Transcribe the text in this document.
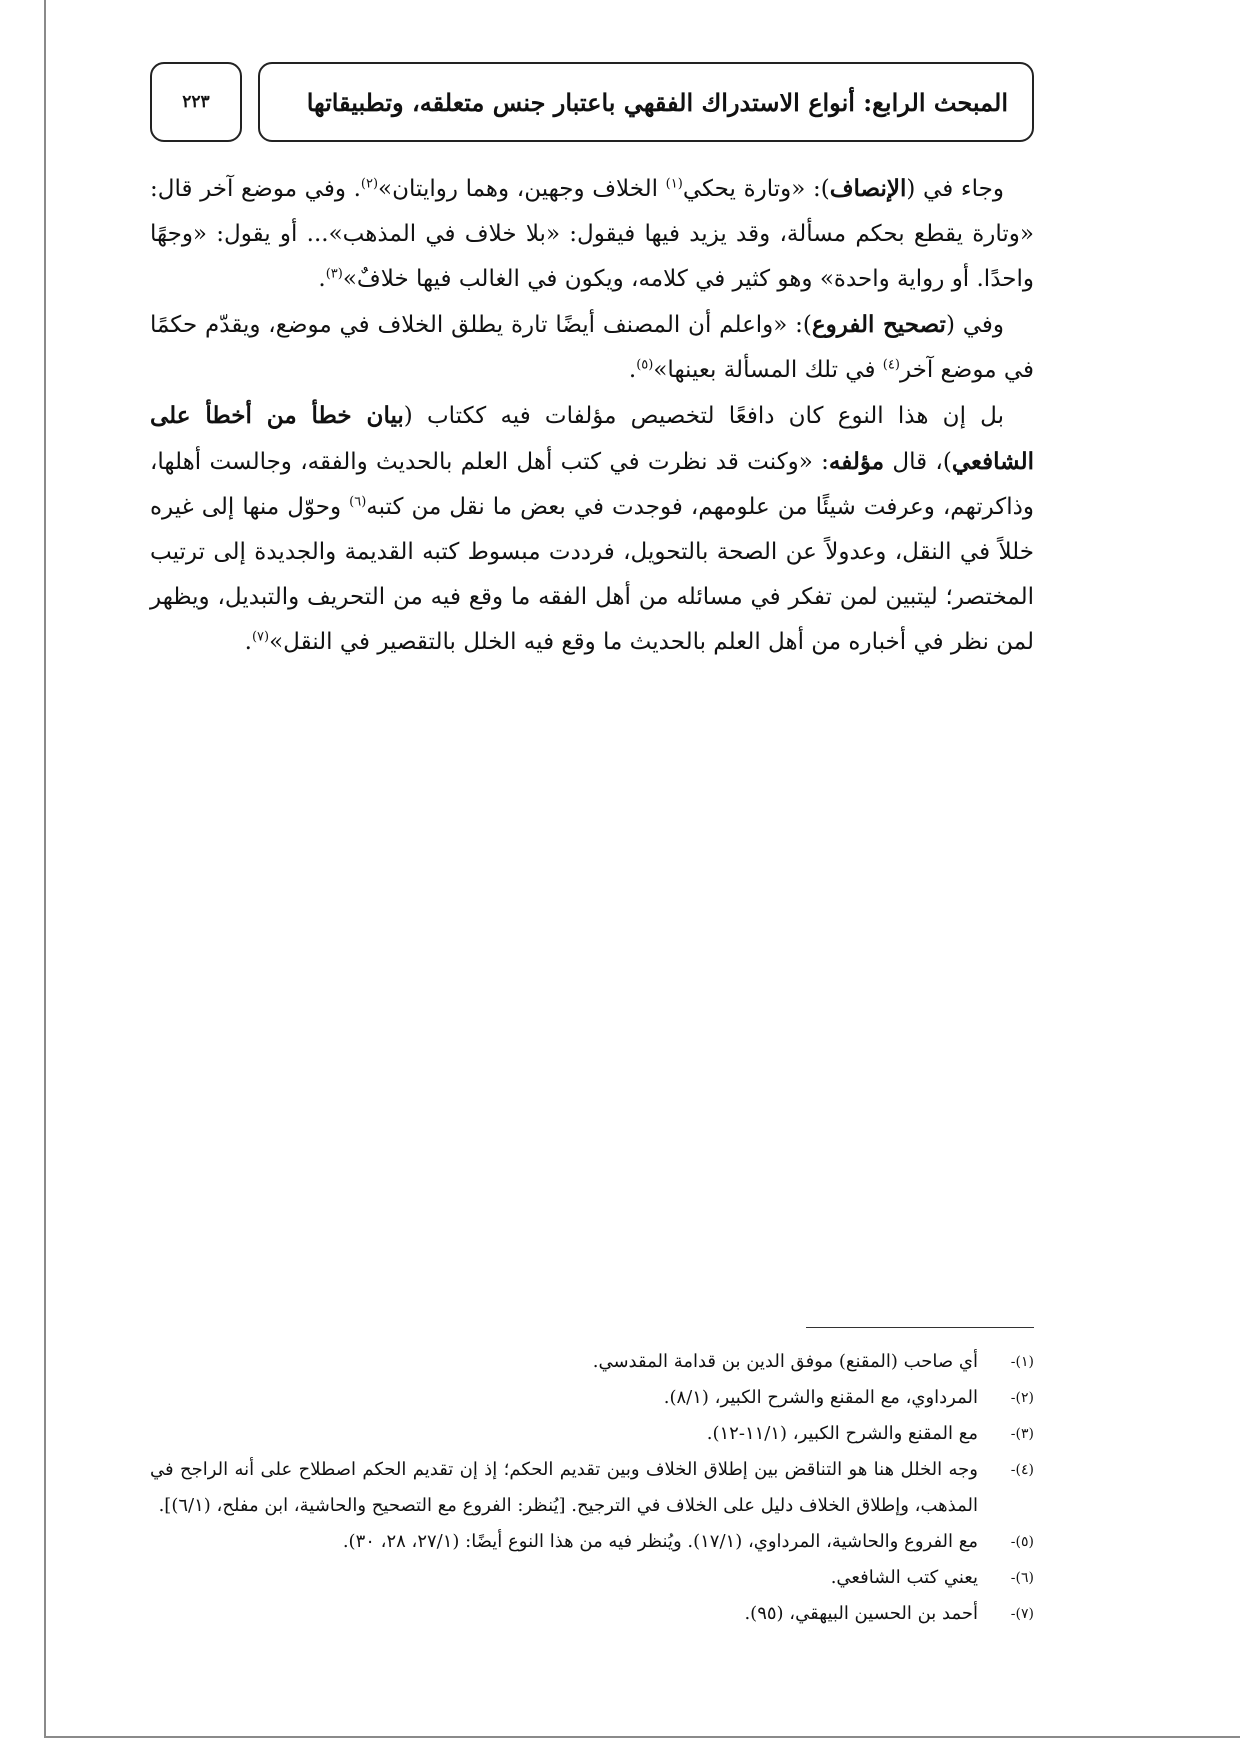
المبحث الرابع: أنواع الاستدراك الفقهي باعتبار جنس متعلقه، وتطبيقاتها
٢٢٣

وجاء في (الإنصاف): «وتارة يحكي$^{(١)}$ الخلاف وجهين، وهما روايتان»$^{(٢)}$. وفي موضع آخر قال: «وتارة يقطع بحكم مسألة، وقد يزيد فيها فيقول: «بلا خلاف في المذهب»... أو يقول: «وجهًا واحدًا. أو رواية واحدة» وهو كثير في كلامه، ويكون في الغالب فيها خلافٌ»$^{(٣)}$.

وفي (تصحيح الفروع): «واعلم أن المصنف أيضًا تارة يطلق الخلاف في موضع، ويقدّم حكمًا في موضع آخر$^{(٤)}$ في تلك المسألة بعينها»$^{(٥)}$.

بل إن هذا النوع كان دافعًا لتخصيص مؤلفات فيه ككتاب (بيان خطأ من أخطأ على الشافعي)، قال مؤلفه: «وكنت قد نظرت في كتب أهل العلم بالحديث والفقه، وجالست أهلها، وذاكرتهم، وعرفت شيئًا من علومهم، فوجدت في بعض ما نقل من كتبه$^{(٦)}$ وحوّل منها إلى غيره خللاً في النقل، وعدولاً عن الصحة بالتحويل، فرددت مبسوط كتبه القديمة والجديدة إلى ترتيب المختصر؛ ليتبين لمن تفكر في مسائله من أهل الفقه ما وقع فيه من التحريف والتبديل، ويظهر لمن نظر في أخباره من أهل العلم بالحديث ما وقع فيه الخلل بالتقصير في النقل»$^{(٧)}$.

(١)-
أي صاحب (المقنع) موفق الدين بن قدامة المقدسي.
(٢)-
المرداوي، مع المقنع والشرح الكبير، (٨/١).
(٣)-
مع المقنع والشرح الكبير، (١١/١-١٢).
(٤)-
وجه الخلل هنا هو التناقض بين إطلاق الخلاف وبين تقديم الحكم؛ إذ إن تقديم الحكم اصطلاح على أنه الراجح في المذهب، وإطلاق الخلاف دليل على الخلاف في الترجيح. [يُنظر: الفروع مع التصحيح والحاشية، ابن مفلح، (٦/١)].
(٥)-
مع الفروع والحاشية، المرداوي، (١٧/١). ويُنظر فيه من هذا النوع أيضًا: (٢٧/١، ٢٨، ٣٠).
(٦)-
يعني كتب الشافعي.
(٧)-
أحمد بن الحسين البيهقي، (٩٥).
